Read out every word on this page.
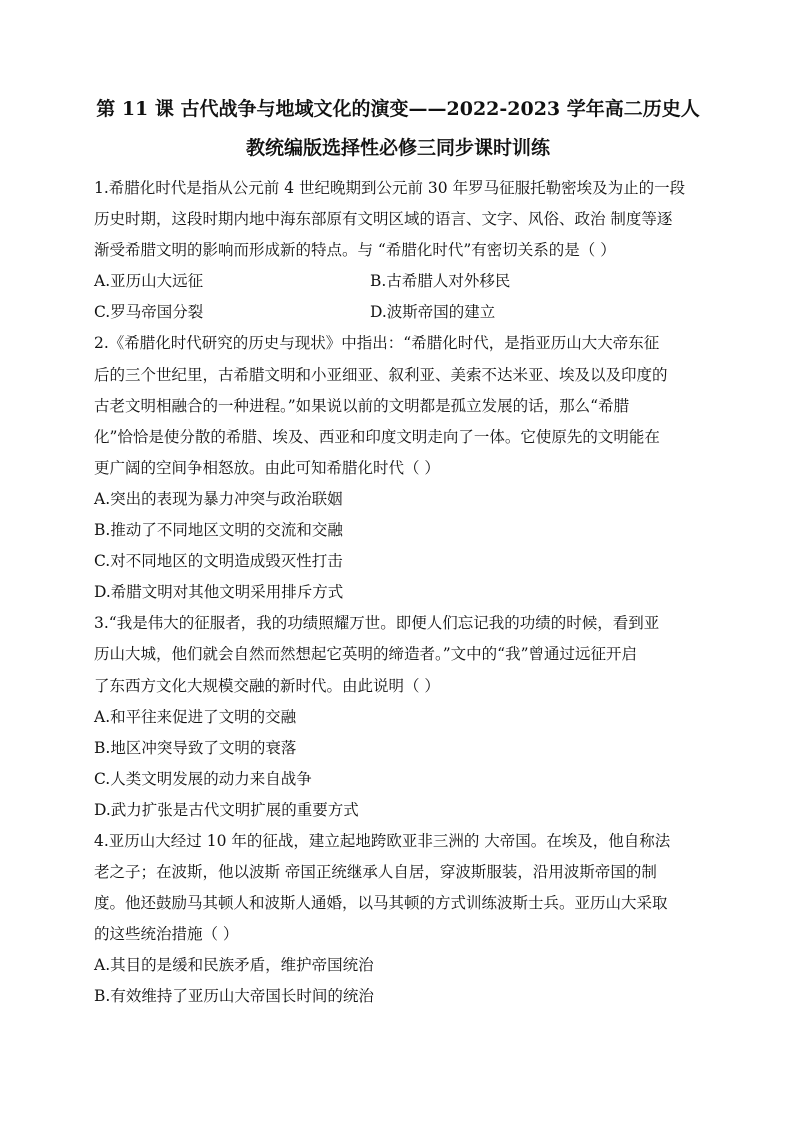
第 11 课 古代战争与地域文化的演变——2022-2023 学年高二历史人
教统编版选择性必修三同步课时训练
1.希腊化时代是指从公元前 4 世纪晚期到公元前 30 年罗马征服托勒密埃及为止的一段
历史时期，这段时期内地中海东部原有文明区域的语言、文字、风俗、政治 制度等逐
渐受希腊文明的影响而形成新的特点。与 “希腊化时代”有密切关系的是（ ）
A.亚历山大远征	B.古希腊人对外移民
C.罗马帝国分裂	D.波斯帝国的建立
2.《希腊化时代研究的历史与现状》中指出：“希腊化时代，是指亚历山大大帝东征
后的三个世纪里，古希腊文明和小亚细亚、叙利亚、美索不达米亚、埃及以及印度的
古老文明相融合的一种进程。”如果说以前的文明都是孤立发展的话，那么“希腊
化”恰恰是使分散的希腊、埃及、西亚和印度文明走向了一体。它使原先的文明能在
更广阔的空间争相怒放。由此可知希腊化时代（ ）
A.突出的表现为暴力冲突与政治联姻
B.推动了不同地区文明的交流和交融
C.对不同地区的文明造成毁灭性打击
D.希腊文明对其他文明采用排斥方式
3.“我是伟大的征服者，我的功绩照耀万世。即便人们忘记我的功绩的时候，看到亚
历山大城，他们就会自然而然想起它英明的缔造者。”文中的“我”曾通过远征开启
了东西方文化大规模交融的新时代。由此说明（ ）
A.和平往来促进了文明的交融
B.地区冲突导致了文明的衰落
C.人类文明发展的动力来自战争
D.武力扩张是古代文明扩展的重要方式
4.亚历山大经过 10 年的征战，建立起地跨欧亚非三洲的 大帝国。在埃及，他自称法
老之子；在波斯，他以波斯 帝国正统继承人自居，穿波斯服装，沿用波斯帝国的制
度。他还鼓励马其顿人和波斯人通婚，以马其顿的方式训练波斯士兵。亚历山大采取
的这些统治措施（ ）
A.其目的是缓和民族矛盾，维护帝国统治
B.有效维持了亚历山大帝国长时间的统治
